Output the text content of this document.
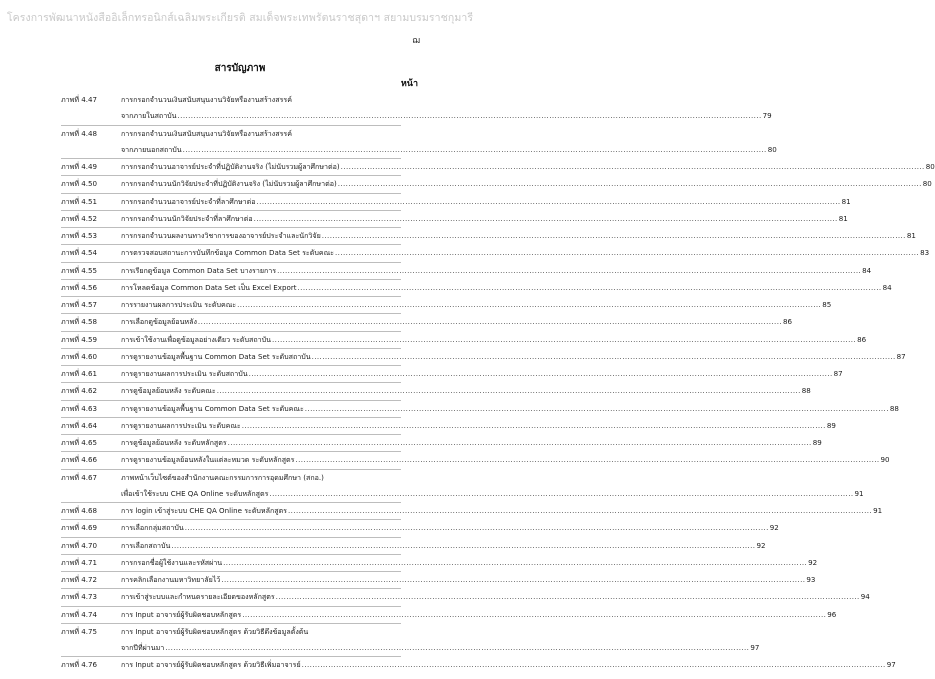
โครงการพัฒนาหนังสืออิเล็กทรอนิกส์เฉลิมพระเกียรติ สมเด็จพระเทพรัตนราชสุดาฯ สยามบรมราชกุมารี
ฌ
สารบัญภาพ
หน้า
ภาพที่ 4.47	การกรอกจำนวนเงินสนับสนุนงานวิจัยหรืองานสร้างสรรค์
จากภายในสถาบัน ............................................................................................................................................................................................................................ 79
ภาพที่ 4.48	การกรอกจำนวนเงินสนับสนุนงานวิจัยหรืองานสร้างสรรค์
จากภายนอกสถาบัน ............................................................................................................................................................................................................................ 80
ภาพที่ 4.49	การกรอกจำนวนอาจารย์ประจำที่ปฏิบัติงานจริง (ไม่นับรวมผู้ลาศึกษาต่อ) ............................................................................................................................................................................................................................ 80
ภาพที่ 4.50	การกรอกจำนวนนักวิจัยประจำที่ปฏิบัติงานจริง (ไม่นับรวมผู้ลาศึกษาต่อ) ............................................................................................................................................................................................................................ 80
ภาพที่ 4.51	การกรอกจำนวนอาจารย์ประจำที่ลาศึกษาต่อ ............................................................................................................................................................................................................................ 81
ภาพที่ 4.52	การกรอกจำนวนนักวิจัยประจำที่ลาศึกษาต่อ ............................................................................................................................................................................................................................ 81
ภาพที่ 4.53	การกรอกจำนวนผลงานทางวิชาการของอาจารย์ประจำและนักวิจัย ............................................................................................................................................................................................................................ 81
ภาพที่ 4.54	การตรวจสอบสถานะการบันทึกข้อมูล Common Data Set ระดับคณะ ............................................................................................................................................................................................................................ 83
ภาพที่ 4.55	การเรียกดูข้อมูล Common Data Set บางรายการ ............................................................................................................................................................................................................................ 84
ภาพที่ 4.56	การโหลดข้อมูล Common Data Set เป็น Excel Export ............................................................................................................................................................................................................................ 84
ภาพที่ 4.57	การรายงานผลการประเมิน ระดับคณะ ............................................................................................................................................................................................................................ 85
ภาพที่ 4.58	การเลือกดูข้อมูลย้อนหลัง ............................................................................................................................................................................................................................ 86
ภาพที่ 4.59	การเข้าใช้งานเพื่อดูข้อมูลอย่างเดียว ระดับสถาบัน ............................................................................................................................................................................................................................ 86
ภาพที่ 4.60	การดูรายงานข้อมูลพื้นฐาน Common Data Set ระดับสถาบัน ............................................................................................................................................................................................................................ 87
ภาพที่ 4.61	การดูรายงานผลการประเมิน ระดับสถาบัน ............................................................................................................................................................................................................................ 87
ภาพที่ 4.62	การดูข้อมูลย้อนหลัง ระดับคณะ ............................................................................................................................................................................................................................ 88
ภาพที่ 4.63	การดูรายงานข้อมูลพื้นฐาน Common Data Set ระดับคณะ ............................................................................................................................................................................................................................ 88
ภาพที่ 4.64	การดูรายงานผลการประเมิน ระดับคณะ ............................................................................................................................................................................................................................ 89
ภาพที่ 4.65	การดูข้อมูลย้อนหลัง ระดับหลักสูตร ............................................................................................................................................................................................................................ 89
ภาพที่ 4.66	การดูรายงานข้อมูลย้อนหลังในแต่ละหมวด ระดับหลักสูตร ............................................................................................................................................................................................................................ 90
ภาพที่ 4.67	ภาพหน้าเว็บไซต์ของสำนักงานคณะกรรมการการอุดมศึกษา (สกอ.)
เพื่อเข้าใช้ระบบ CHE QA Online ระดับหลักสูตร ............................................................................................................................................................................................................................ 91
ภาพที่ 4.68	การ login เข้าสู่ระบบ CHE QA Online ระดับหลักสูตร ............................................................................................................................................................................................................................ 91
ภาพที่ 4.69	การเลือกกลุ่มสถาบัน ............................................................................................................................................................................................................................ 92
ภาพที่ 4.70	การเลือกสถาบัน ............................................................................................................................................................................................................................ 92
ภาพที่ 4.71	การกรอกชื่อผู้ใช้งานและรหัสผ่าน ............................................................................................................................................................................................................................ 92
ภาพที่ 4.72	การคลิกเลือกงานมหาวิทยาลัยไว้ ............................................................................................................................................................................................................................ 93
ภาพที่ 4.73	การเข้าสู่ระบบและกำหนดรายละเอียดของหลักสูตร ............................................................................................................................................................................................................................ 94
ภาพที่ 4.74	การ Input อาจารย์ผู้รับผิดชอบหลักสูตร ............................................................................................................................................................................................................................ 96
ภาพที่ 4.75	การ Input อาจารย์ผู้รับผิดชอบหลักสูตร ด้วยวิธีดึงข้อมูลตั้งต้น
จากปีที่ผ่านมา ............................................................................................................................................................................................................................ 97
ภาพที่ 4.76	การ Input อาจารย์ผู้รับผิดชอบหลักสูตร ด้วยวิธีเพิ่มอาจารย์ ............................................................................................................................................................................................................................ 97
